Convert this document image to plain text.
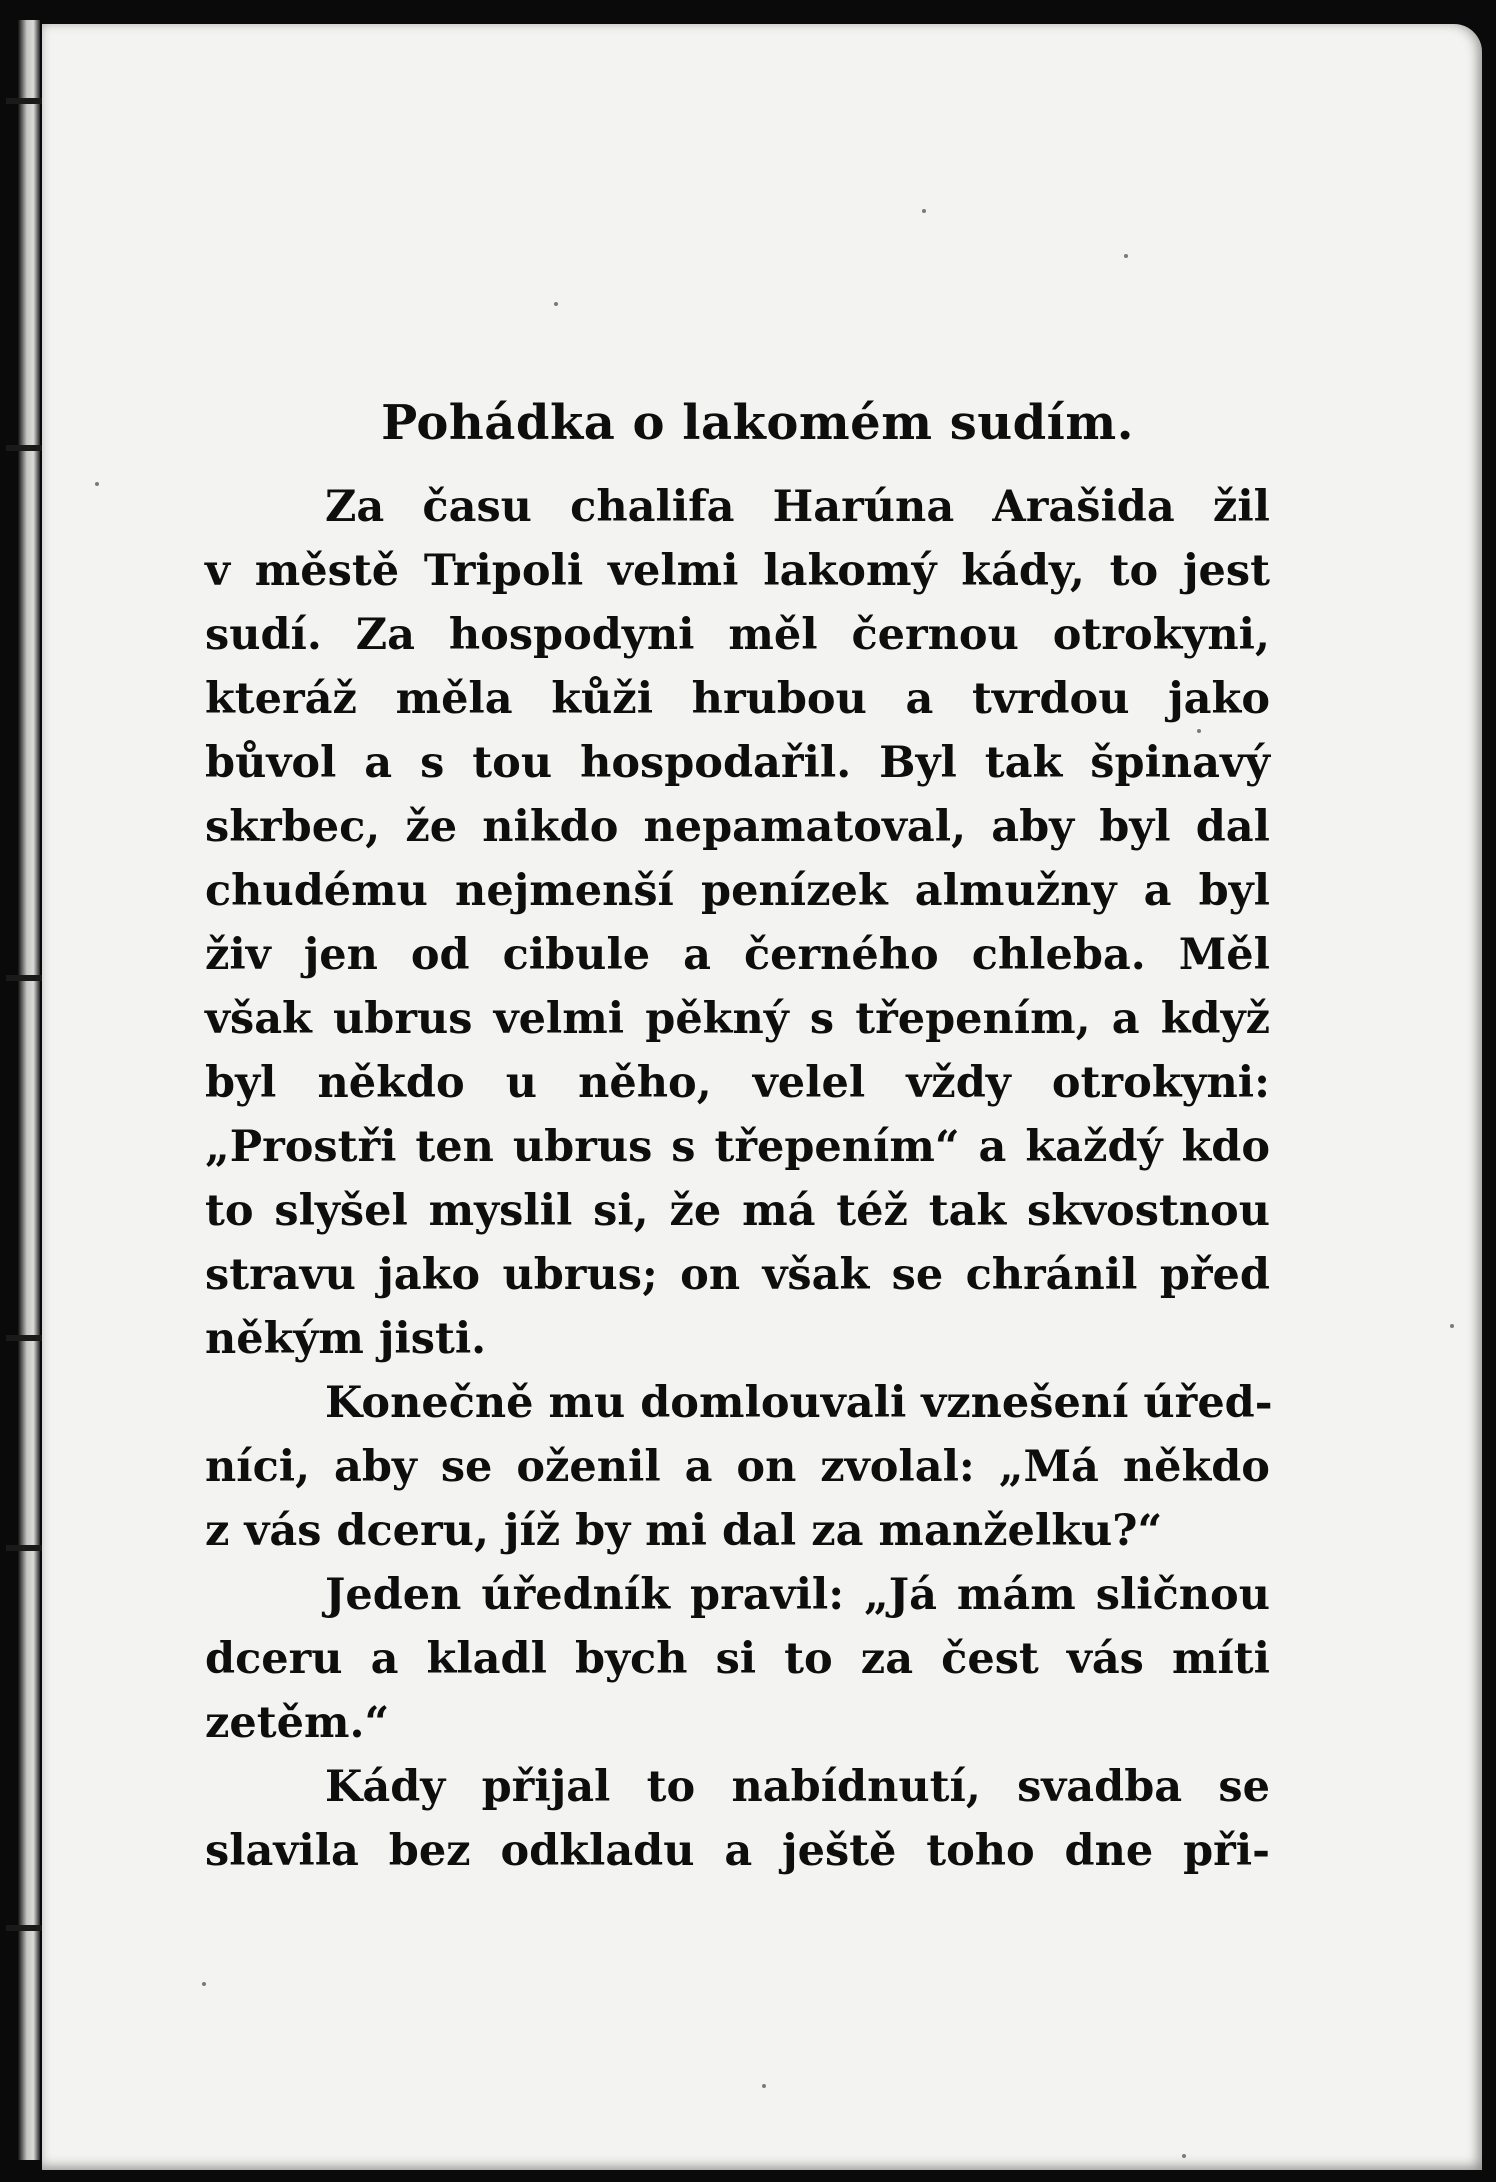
Pohádka o lakomém sudím.
Za času chalifa Harúna Arašida žil
v městě Tripoli velmi lakomý kády, to jest
sudí. Za hospodyni měl černou otrokyni,
kteráž měla kůži hrubou a tvrdou jako
bůvol a s tou hospodařil. Byl tak špinavý
skrbec, že nikdo nepamatoval, aby byl dal
chudému nejmenší penízek almužny a byl
živ jen od cibule a černého chleba. Měl
však ubrus velmi pěkný s třepením, a když
byl někdo u něho, velel vždy otrokyni:
„Prostři ten ubrus s třepením“ a každý kdo
to slyšel myslil si, že má též tak skvostnou
stravu jako ubrus; on však se chránil před
někým jisti.
Konečně mu domlouvali vznešení úřed-
níci, aby se oženil a on zvolal: „Má někdo
z vás dceru, jíž by mi dal za manželku?“
Jeden úředník pravil: „Já mám sličnou
dceru a kladl bych si to za čest vás míti
zetěm.“
Kády přijal to nabídnutí, svadba se
slavila bez odkladu a ještě toho dne při-
